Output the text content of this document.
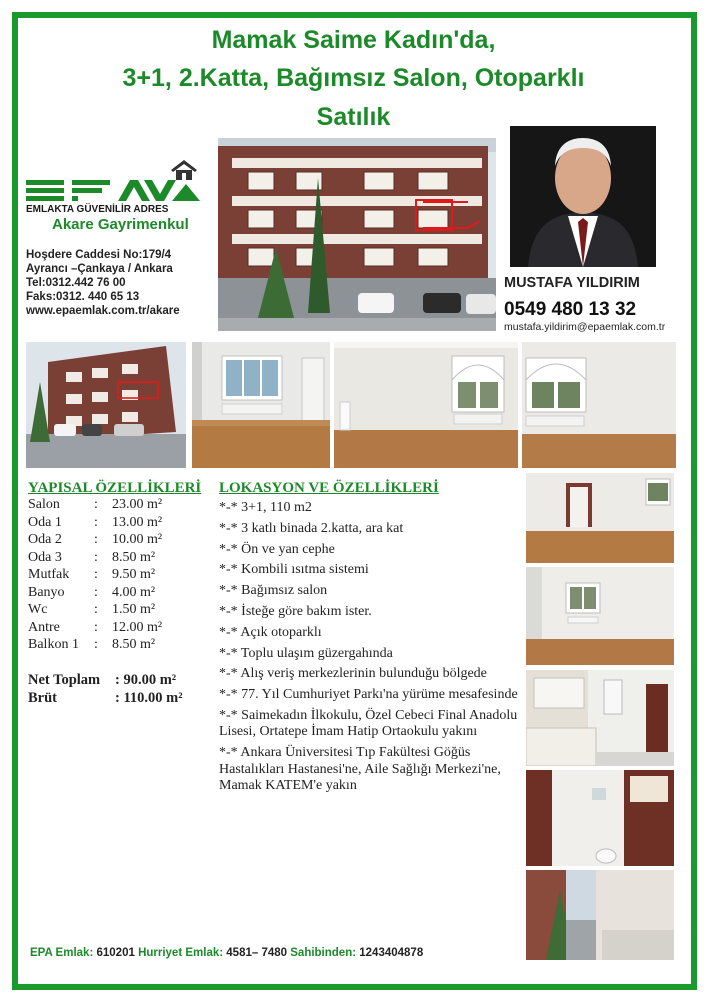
Mamak Saime Kadın'da,
3+1, 2.Katta, Bağımsız Salon, Otoparklı
Satılık
EMLAKTA GÜVENİLİR ADRES
Akare Gayrimenkul
Hoşdere Caddesi No:179/4
Ayrancı –Çankaya / Ankara
Tel:0312.442 76 00
Faks:0312. 440 65 13
www.epaemlak.com.tr/akare
MUSTAFA YILDIRIM
0549 480 13 32
mustafa.yildirim@epaemlak.com.tr
YAPISAL ÖZELLİKLERİ
Salon : 23.00 m²
Oda 1 : 13.00 m²
Oda 2 : 10.00 m²
Oda 3 : 8.50 m²
Mutfak : 9.50 m²
Banyo : 4.00 m²
Wc	: 1.50 m²
Antre : 12.00 m²
Balkon 1 : 8.50 m²
Net Toplam : 90.00 m²
Brüt	: 110.00 m²
LOKASYON VE ÖZELLİKLERİ
*-* 3+1, 110 m2
*-* 3 katlı binada 2.katta, ara kat
*-* Ön ve yan cephe
*-* Kombili ısıtma sistemi
*-* Bağımsız salon
*-* İsteğe göre bakım ister.
*-* Açık otoparklı
*-* Toplu ulaşım güzergahında
*-* Alış veriş merkezlerinin bulunduğu bölgede
*-* 77. Yıl Cumhuriyet Parkı'na yürüme mesafesinde
*-* Saimekadın İlkokulu, Özel Cebeci Final Anadolu Lisesi, Ortatepe İmam Hatip Ortaokulu yakını
*-* Ankara Üniversitesi Tıp Fakültesi Göğüs Hastalıkları Hastanesi'ne, Aile Sağlığı Merkezi'ne, Mamak KATEM'e yakın
EPA Emlak: 610201 Hurriyet Emlak: 4581– 7480 Sahibinden: 1243404878
